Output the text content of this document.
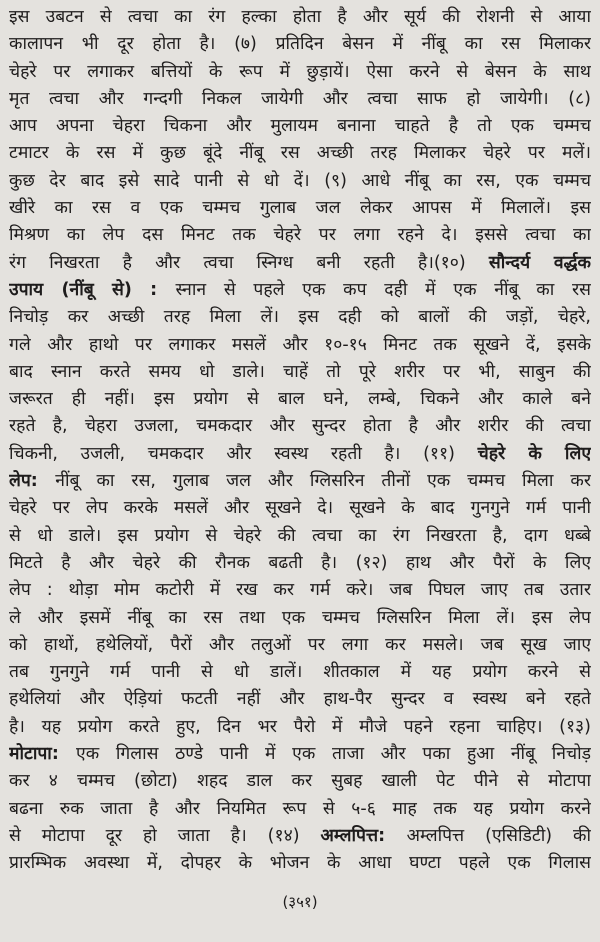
इस उबटन से त्वचा का रंग हल्का होता है और सूर्य की रोशनी से आया
कालापन भी दूर होता है। (७) प्रतिदिन बेसन में नींबू का रस मिलाकर
चेहरे पर लगाकर बत्तियों के रूप में छुड़ायें। ऐसा करने से बेसन के साथ
मृत त्वचा और गन्दगी निकल जायेगी और त्वचा साफ हो जायेगी। (८)
आप अपना चेहरा चिकना और मुलायम बनाना चाहते है तो एक चम्मच
टमाटर के रस में कुछ बूंदे नींबू रस अच्छी तरह मिलाकर चेहरे पर मलें।
कुछ देर बाद इसे सादे पानी से धो दें। (९) आधे नींबू का रस, एक चम्मच
खीरे का रस व एक चम्मच गुलाब जल लेकर आपस में मिलालें। इस
मिश्रण का लेप दस मिनट तक चेहरे पर लगा रहने दे। इससे त्वचा का
रंग निखरता है और त्वचा स्निग्ध बनी रहती है।(१०) सौन्दर्य वर्द्धक
उपाय (नींबू से) : स्नान से पहले एक कप दही में एक नींबू का रस
निचोड़ कर अच्छी तरह मिला लें। इस दही को बालों की जड़ों, चेहरे,
गले और हाथो पर लगाकर मसलें और १०-१५ मिनट तक सूखने दें, इसके
बाद स्नान करते समय धो डाले। चाहें तो पूरे शरीर पर भी, साबुन की
जरूरत ही नहीं। इस प्रयोग से बाल घने, लम्बे, चिकने और काले बने
रहते है, चेहरा उजला, चमकदार और सुन्दर होता है और शरीर की त्वचा
चिकनी, उजली, चमकदार और स्वस्थ रहती है। (११) चेहरे के लिए
लेप: नींबू का रस, गुलाब जल और ग्लिसरिन तीनों एक चम्मच मिला कर
चेहरे पर लेप करके मसलें और सूखने दे। सूखने के बाद गुनगुने गर्म पानी
से धो डाले। इस प्रयोग से चेहरे की त्वचा का रंग निखरता है, दाग धब्बे
मिटते है और चेहरे की रौनक बढती है। (१२) हाथ और पैरों के लिए
लेप : थोड़ा मोम कटोरी में रख कर गर्म करे। जब पिघल जाए तब उतार
ले और इसमें नींबू का रस तथा एक चम्मच ग्लिसरिन मिला लें। इस लेप
को हाथों, हथेलियों, पैरों और तलुओं पर लगा कर मसले। जब सूख जाए
तब गुनगुने गर्म पानी से धो डालें। शीतकाल में यह प्रयोग करने से
हथेलियां और ऐड़ियां फटती नहीं और हाथ-पैर सुन्दर व स्वस्थ बने रहते
है। यह प्रयोग करते हुए, दिन भर पैरो में मौजे पहने रहना चाहिए। (१३)
मोटापा: एक गिलास ठण्डे पानी में एक ताजा और पका हुआ नींबू निचोड़
कर ४ चम्मच (छोटा) शहद डाल कर सुबह खाली पेट पीने से मोटापा
बढना रुक जाता है और नियमित रूप से ५-६ माह तक यह प्रयोग करने
से मोटापा दूर हो जाता है। (१४) अम्लपित्त: अम्लपित्त (एसिडिटी) की
प्रारम्भिक अवस्था में, दोपहर के भोजन के आधा घण्टा पहले एक गिलास
(३५१)
